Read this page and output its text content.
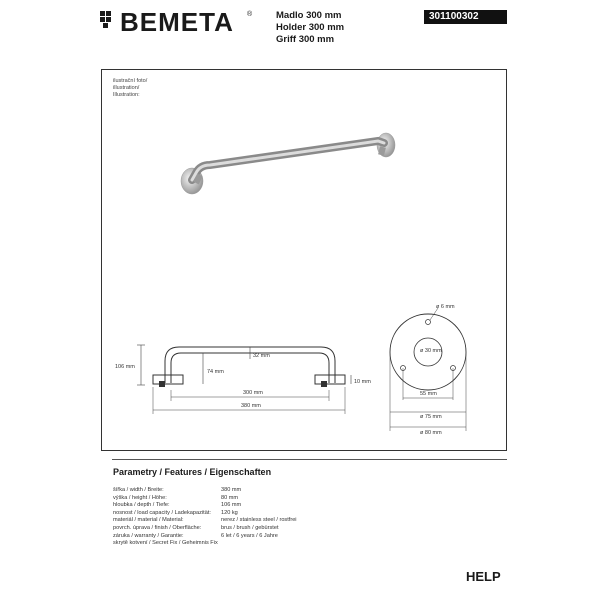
BEMETA ®	Madlo 300 mm
Holder 300 mm
Griff 300 mm
301100302
ilustrační foto/
illustration/
Illustration:
106 mm
32 mm
74 mm
10 mm
300 mm
380 mm
ø 6 mm
ø 30 mm
55 mm
ø 75 mm
ø 80 mm
Parametry / Features / Eigenschaften
šířka / width / Breite:	380 mm
výška / height / Höhe:	80 mm
hloubka / depth / Tiefe:	106 mm
nosnost / load capacity / Ladekapazität: 120 kg
materiál / material / Material:	nerez / stainless steel / rostfrei
povrch. úprava / finish / Oberfläche:	brus / brush / gebürstet
záruka / warranty / Garantie:	6 let / 6 years / 6 Jahre
skrytě kotvení / Secret Fix / Geheimnis Fix
HELP
